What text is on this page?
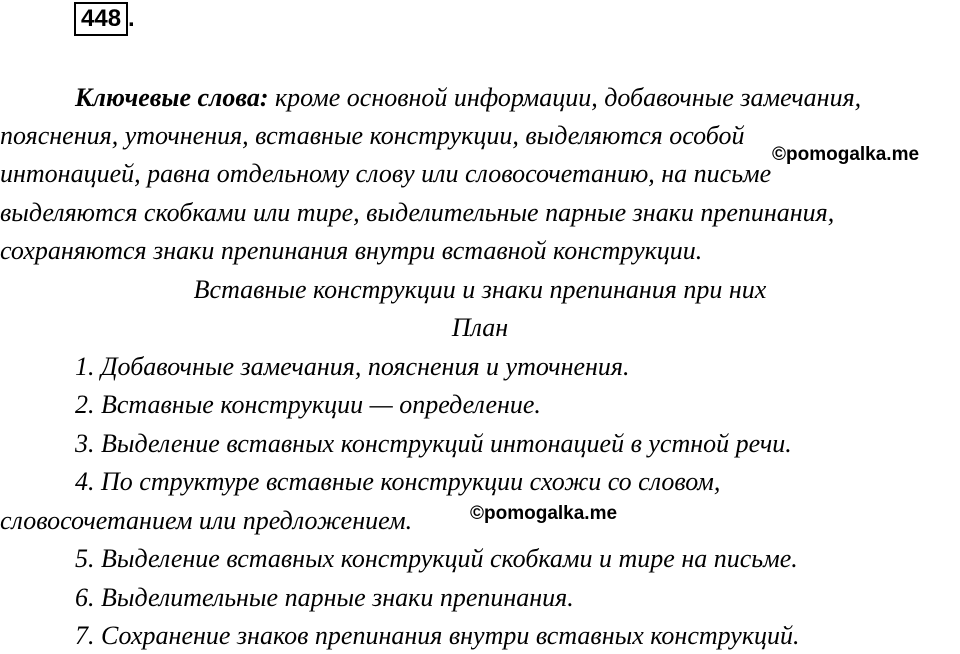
448 .
Ключевые слова: кроме основной информации, добавочные замечания,
пояснения, уточнения, вставные конструкции, выделяются особой
интонацией, равна отдельному слову или словосочетанию, на письме
выделяются скобками или тире, выделительные парные знаки препинания,
сохраняются знаки препинания внутри вставной конструкции.
©pomogalka.me
Вставные конструкции и знаки препинания при них
План
1. Добавочные замечания, пояснения и уточнения.
2. Вставные конструкции — определение.
3. Выделение вставных конструкций интонацией в устной речи.
4. По структуре вставные конструкции схожи со словом,
словосочетанием или предложением.	©pomogalka.me
5. Выделение вставных конструкций скобками и тире на письме.
6. Выделительные парные знаки препинания.
7. Сохранение знаков препинания внутри вставных конструкций.
